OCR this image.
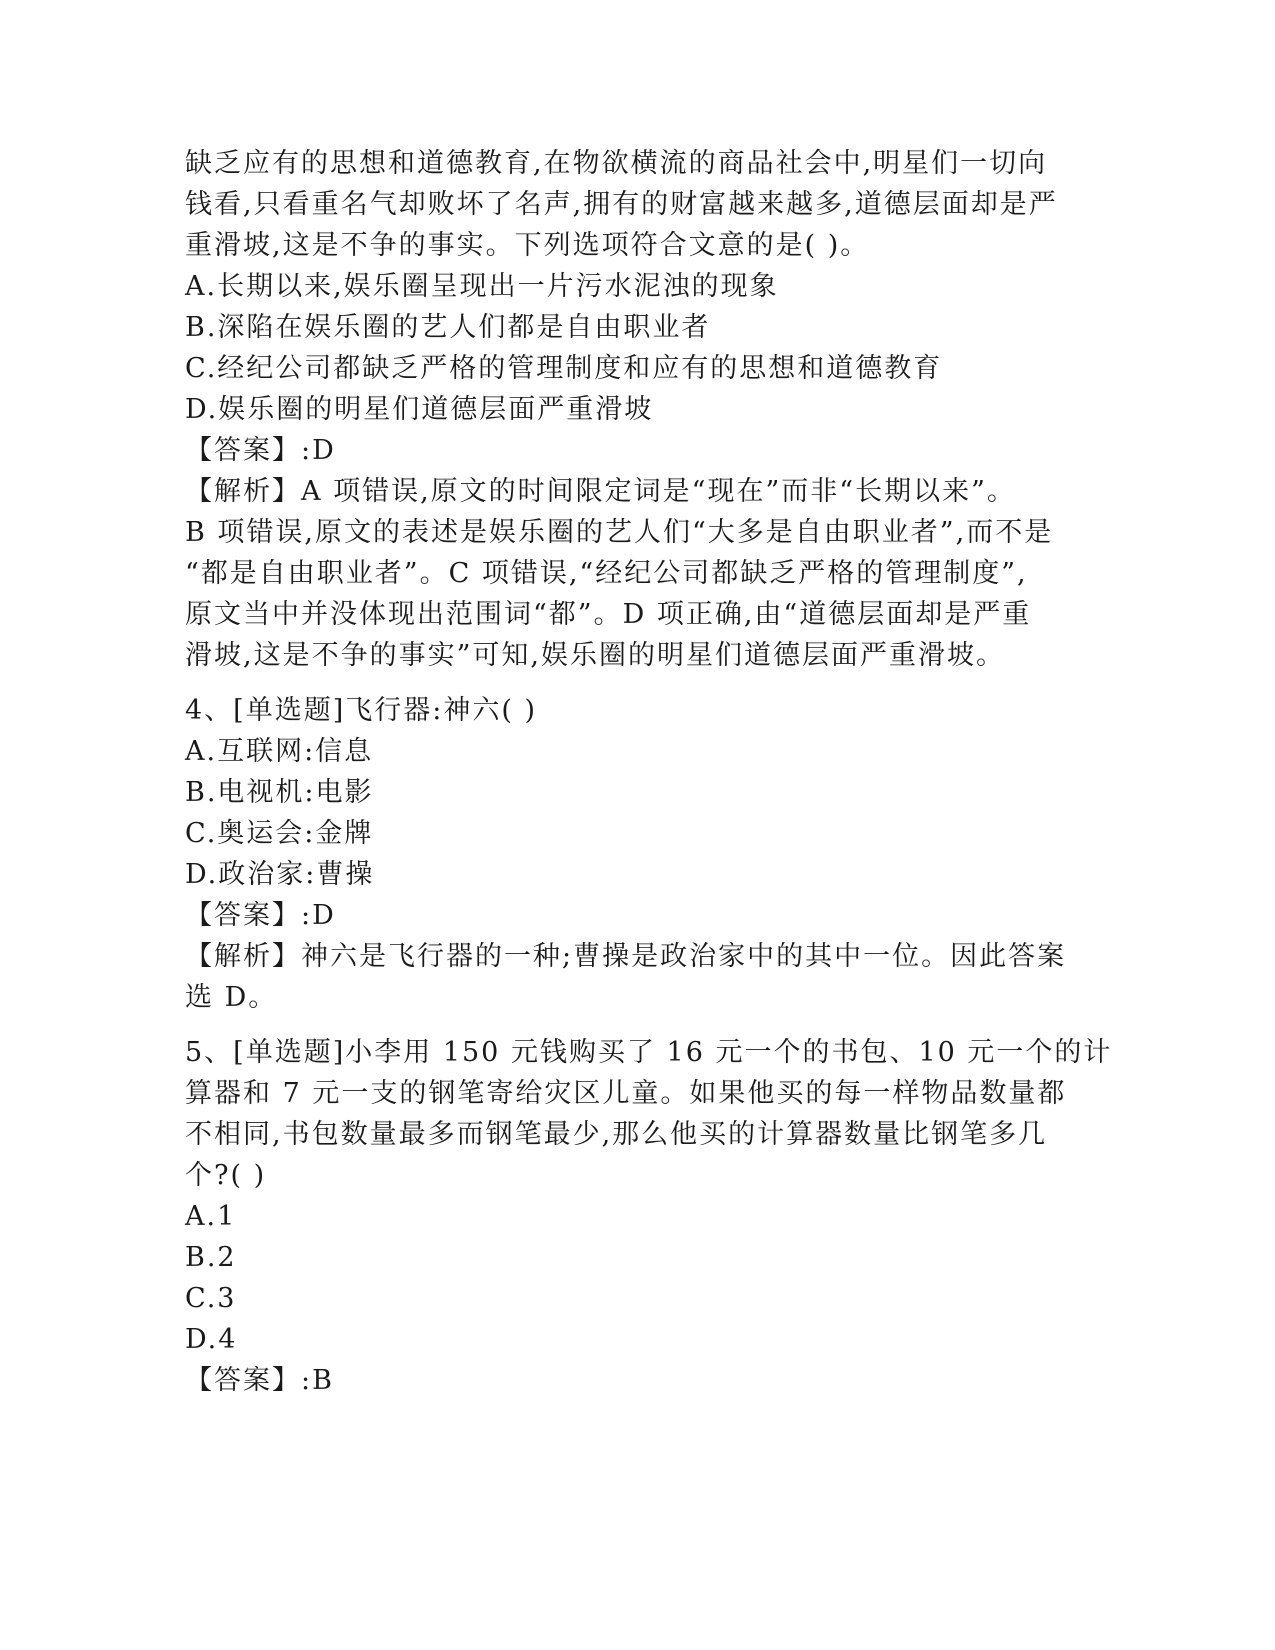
缺乏应有的思想和道德教育,在物欲横流的商品社会中,明星们一切向
钱看,只看重名气却败坏了名声,拥有的财富越来越多,道德层面却是严
重滑坡,这是不争的事实。下列选项符合文意的是( )。
A.长期以来,娱乐圈呈现出一片污水泥浊的现象
B.深陷在娱乐圈的艺人们都是自由职业者
C.经纪公司都缺乏严格的管理制度和应有的思想和道德教育
D.娱乐圈的明星们道德层面严重滑坡
【答案】:D
【解析】A 项错误,原文的时间限定词是“现在”而非“长期以来”。
B 项错误,原文的表述是娱乐圈的艺人们“大多是自由职业者”,而不是
“都是自由职业者”。C 项错误,“经纪公司都缺乏严格的管理制度”,
原文当中并没体现出范围词“都”。D 项正确,由“道德层面却是严重
滑坡,这是不争的事实”可知,娱乐圈的明星们道德层面严重滑坡。
4、[单选题]飞行器:神六( )
A.互联网:信息
B.电视机:电影
C.奥运会:金牌
D.政治家:曹操
【答案】:D
【解析】神六是飞行器的一种;曹操是政治家中的其中一位。因此答案
选 D。
5、[单选题]小李用 150 元钱购买了 16 元一个的书包、10 元一个的计
算器和 7 元一支的钢笔寄给灾区儿童。如果他买的每一样物品数量都
不相同,书包数量最多而钢笔最少,那么他买的计算器数量比钢笔多几
个?( )
A.1
B.2
C.3
D.4
【答案】:B
